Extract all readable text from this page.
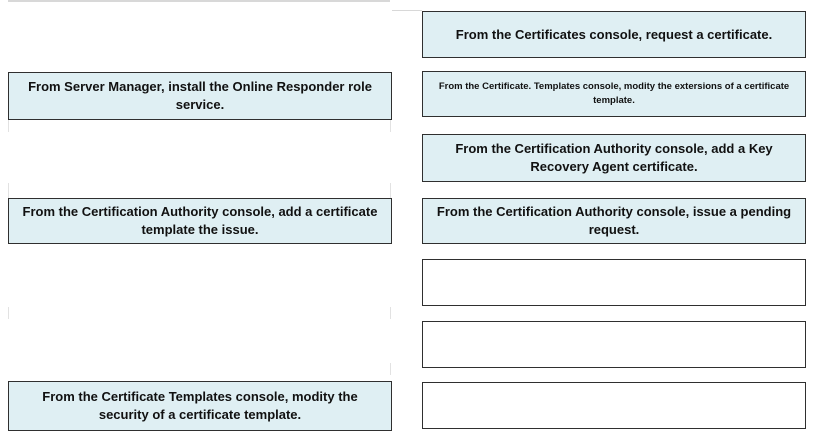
From Server Manager, install the Online Responder role service.
From the Certification Authority console, add a certificate template the issue.
From the Certificate Templates console, modity the security of a certificate template.
From the Certificates console, request a certificate.
From the Certificate. Templates console, modity the extersions of a certificate template.
From the Certification Authority console, add a Key Recovery Agent certificate.
From the Certification Authority console, issue a pending request.
